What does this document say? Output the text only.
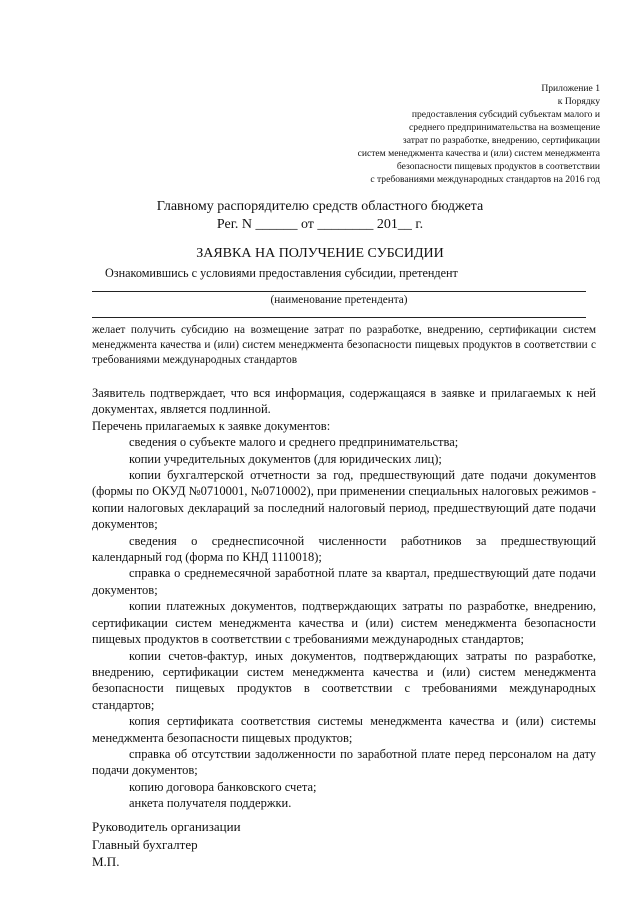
Приложение 1
к Порядку
предоставления субсидий субъектам малого и
среднего предпринимательства на возмещение
затрат по разработке, внедрению, сертификации
систем менеджмента качества и (или) систем менеджмента
безопасности пищевых продуктов в соответствии
с требованиями международных стандартов на 2016 год
Главному распорядителю средств областного бюджета
Рег. N ______ от ________ 201__ г.
ЗАЯВКА НА ПОЛУЧЕНИЕ СУБСИДИИ
Ознакомившись с условиями предоставления субсидии, претендент
(наименование претендента)
желает получить субсидию на возмещение затрат по разработке, внедрению, сертификации систем менеджмента качества и (или) систем менеджмента безопасности пищевых продуктов в соответствии с требованиями международных стандартов

Заявитель подтверждает, что вся информация, содержащаяся в заявке и прилагаемых к ней документах, является подлинной.

Перечень прилагаемых к заявке документов:

сведения о субъекте малого и среднего предпринимательства;

копии учредительных документов (для юридических лиц);

копии бухгалтерской отчетности за год, предшествующий дате подачи документов (формы по ОКУД №0710001, №0710002), при применении специальных налоговых режимов - копии налоговых деклараций за последний налоговый период, предшествующий дате подачи документов;

сведения о среднесписочной численности работников за предшествующий календарный год (форма по КНД 1110018);

справка о среднемесячной заработной плате за квартал, предшествующий дате подачи документов;

копии платежных документов, подтверждающих затраты по разработке, внедрению, сертификации систем менеджмента качества и (или) систем менеджмента безопасности пищевых продуктов в соответствии с требованиями международных стандартов;

копии счетов-фактур, иных документов, подтверждающих затраты по разработке, внедрению, сертификации систем менеджмента качества и (или) систем менеджмента безопасности пищевых продуктов в соответствии с требованиями международных стандартов;

копия сертификата соответствия системы менеджмента качества и (или) системы менеджмента безопасности пищевых продуктов;

справка об отсутствии задолженности по заработной плате перед персоналом на дату подачи документов;

копию договора банковского счета;

анкета получателя поддержки.

Руководитель организации
Главный бухгалтер
М.П.
